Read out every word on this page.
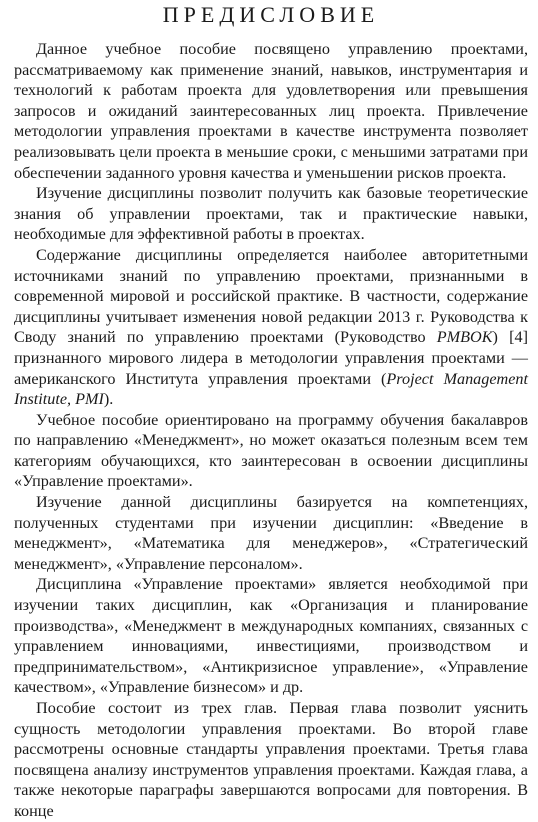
ПРЕДИСЛОВИЕ

Данное учебное пособие посвящено управлению проектами, рассматриваемому как применение знаний, навыков, инструментария и технологий к работам проекта для удовлетворения или превышения запросов и ожиданий заинтересованных лиц проекта. Привлечение методологии управления проектами в качестве инструмента позволяет реализовывать цели проекта в меньшие сроки, с меньшими затратами при обеспечении заданного уровня качества и уменьшении рисков проекта.

Изучение дисциплины позволит получить как базовые теоретические знания об управлении проектами, так и практические навыки, необходимые для эффективной работы в проектах.

Содержание дисциплины определяется наиболее авторитетными источниками знаний по управлению проектами, признанными в современной мировой и российской практике. В частности, содержание дисциплины учитывает изменения новой редакции 2013 г. Руководства к Своду знаний по управлению проектами (Руководство PMBOK) [4] признанного мирового лидера в методологии управления проектами — американского Института управления проектами (Project Management Institute, PMI).

Учебное пособие ориентировано на программу обучения бакалавров по направлению «Менеджмент», но может оказаться полезным всем тем категориям обучающихся, кто заинтересован в освоении дисциплины «Управление проектами».

Изучение данной дисциплины базируется на компетенциях, полученных студентами при изучении дисциплин: «Введение в менеджмент», «Математика для менеджеров», «Стратегический менеджмент», «Управление персоналом».

Дисциплина «Управление проектами» является необходимой при изучении таких дисциплин, как «Организация и планирование производства», «Менеджмент в международных компаниях, связанных с управлением инновациями, инвестициями, производством и предпринимательством», «Антикризисное управление», «Управление качеством», «Управление бизнесом» и др.

Пособие состоит из трех глав. Первая глава позволит уяснить сущность методологии управления проектами. Во второй главе рассмотрены основные стандарты управления проектами. Третья глава посвящена анализу инструментов управления проектами. Каждая глава, а также некоторые параграфы завершаются вопросами для повторения. В конце
